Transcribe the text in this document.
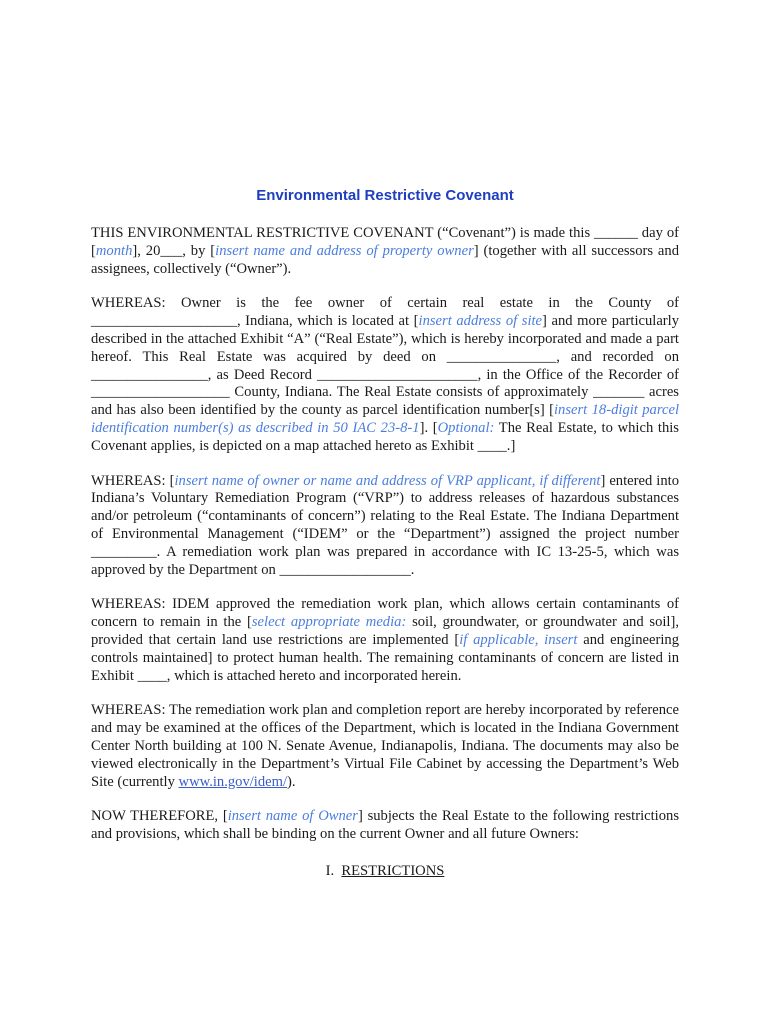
Environmental Restrictive Covenant

THIS ENVIRONMENTAL RESTRICTIVE COVENANT (“Covenant”) is made this ______ day of [month], 20___, by [insert name and address of property owner] (together with all successors and assignees, collectively (“Owner”).

WHEREAS: Owner is the fee owner of certain real estate in the County of ____________________, Indiana, which is located at [insert address of site] and more particularly described in the attached Exhibit “A” (“Real Estate”), which is hereby incorporated and made a part hereof. This Real Estate was acquired by deed on _______________, and recorded on ________________, as Deed Record ______________________, in the Office of the Recorder of ___________________ County, Indiana. The Real Estate consists of approximately _______ acres and has also been identified by the county as parcel identification number[s] [insert 18-digit parcel identification number(s) as described in 50 IAC 23-8-1]. [Optional: The Real Estate, to which this Covenant applies, is depicted on a map attached hereto as Exhibit ____.]

WHEREAS: [insert name of owner or name and address of VRP applicant, if different] entered into Indiana’s Voluntary Remediation Program (“VRP”) to address releases of hazardous substances and/or petroleum (“contaminants of concern”) relating to the Real Estate. The Indiana Department of Environmental Management (“IDEM” or the “Department”) assigned the project number _________. A remediation work plan was prepared in accordance with IC 13-25-5, which was approved by the Department on __________________.

WHEREAS: IDEM approved the remediation work plan, which allows certain contaminants of concern to remain in the [select appropriate media: soil, groundwater, or groundwater and soil], provided that certain land use restrictions are implemented [if applicable, insert and engineering controls maintained] to protect human health. The remaining contaminants of concern are listed in Exhibit ____, which is attached hereto and incorporated herein.

WHEREAS: The remediation work plan and completion report are hereby incorporated by reference and may be examined at the offices of the Department, which is located in the Indiana Government Center North building at 100 N. Senate Avenue, Indianapolis, Indiana. The documents may also be viewed electronically in the Department’s Virtual File Cabinet by accessing the Department’s Web Site (currently www.in.gov/idem/).

NOW THEREFORE, [insert name of Owner] subjects the Real Estate to the following restrictions and provisions, which shall be binding on the current Owner and all future Owners:

I. RESTRICTIONS
